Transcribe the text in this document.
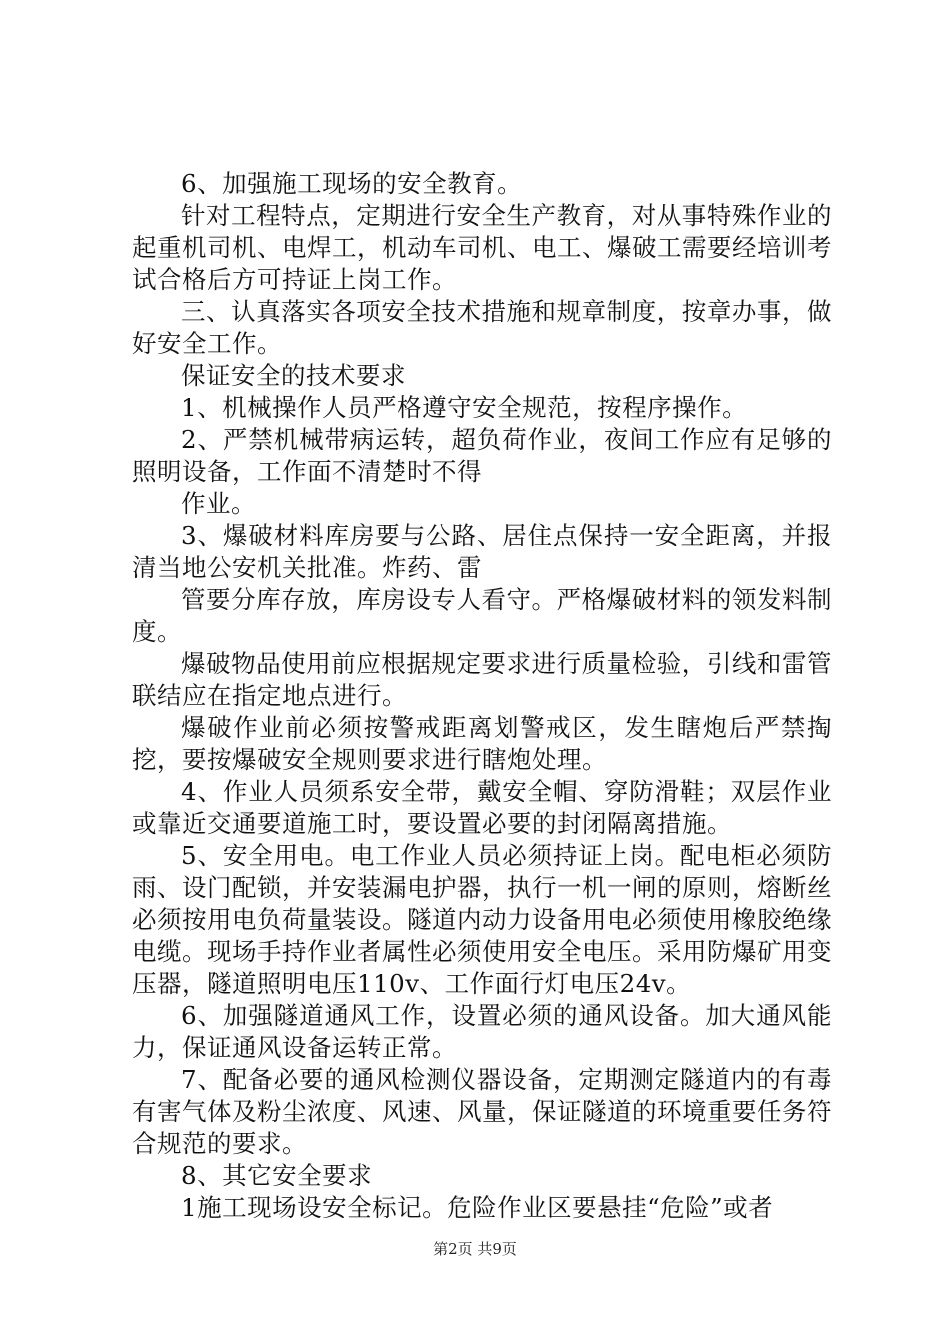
6、加强施工现场的安全教育。

针对工程特点，定期进行安全生产教育，对从事特殊作业的起重机司机、电焊工，机动车司机、电工、爆破工需要经培训考试合格后方可持证上岗工作。

三、认真落实各项安全技术措施和规章制度，按章办事，做好安全工作。

保证安全的技术要求

1、机械操作人员严格遵守安全规范，按程序操作。

2、严禁机械带病运转，超负荷作业，夜间工作应有足够的照明设备，工作面不清楚时不得

作业。

3、爆破材料库房要与公路、居住点保持一安全距离，并报清当地公安机关批准。炸药、雷

管要分库存放，库房设专人看守。严格爆破材料的领发料制度。

爆破物品使用前应根据规定要求进行质量检验，引线和雷管联结应在指定地点进行。

爆破作业前必须按警戒距离划警戒区，发生瞎炮后严禁掏挖，要按爆破安全规则要求进行瞎炮处理。

4、作业人员须系安全带，戴安全帽、穿防滑鞋；双层作业或靠近交通要道施工时，要设置必要的封闭隔离措施。

5、安全用电。电工作业人员必须持证上岗。配电柜必须防雨、设门配锁，并安装漏电护器，执行一机一闸的原则，熔断丝必须按用电负荷量装设。隧道内动力设备用电必须使用橡胶绝缘电缆。现场手持作业者属性必须使用安全电压。采用防爆矿用变压器，隧道照明电压110v、工作面行灯电压24v。

6、加强隧道通风工作，设置必须的通风设备。加大通风能力，保证通风设备运转正常。

7、配备必要的通风检测仪器设备，定期测定隧道内的有毒有害气体及粉尘浓度、风速、风量，保证隧道的环境重要任务符合规范的要求。

8、其它安全要求

1施工现场设安全标记。危险作业区要悬挂“危险”或者

第2页 共9页
